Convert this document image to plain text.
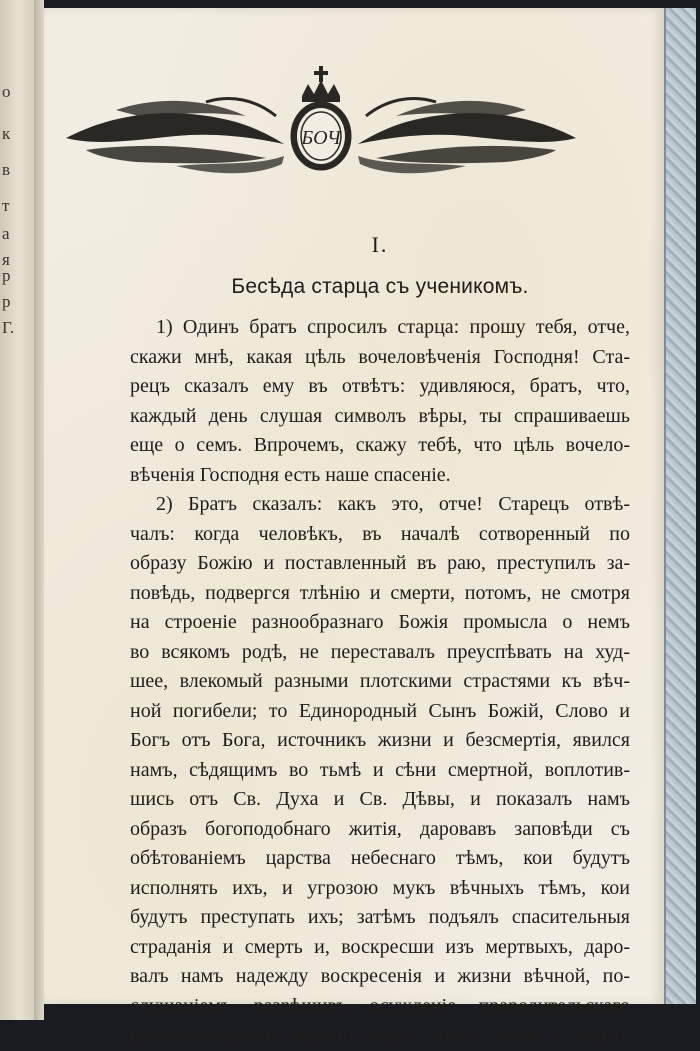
о
к
в
т
а
я
р
р
Г.
БОЧ
I.
Бесѣда старца съ ученикомъ.
1) Одинъ братъ спросилъ старца: прошу тебя, отче,
скажи мнѣ, какая цѣль вочеловѣченія Господня! Ста-
рецъ сказалъ ему въ отвѣтъ: удивляюся, братъ, что,
каждый день слушая символъ вѣры, ты спрашиваешь
еще о семъ. Впрочемъ, скажу тебѣ, что цѣль вочело-
вѣченія Господня есть наше спасеніе.
2) Братъ сказалъ: какъ это, отче! Старецъ отвѣ-
чалъ: когда человѣкъ, въ началѣ сотворенный по
образу Божію и поставленный въ раю, преступилъ за-
повѣдь, подвергся тлѣнію и смерти, потомъ, не смотря
на строеніе разнообразнаго Божія промысла о немъ
во всякомъ родѣ, не переставалъ преуспѣвать на худ-
шее, влекомый разными плотскими страстями къ вѣч-
ной погибели; то Единородный Сынъ Божій, Слово и
Богъ отъ Бога, источникъ жизни и безсмертія, явился
намъ, сѣдящимъ во тьмѣ и сѣни смертной, воплотив-
шись отъ Св. Духа и Св. Дѣвы, и показалъ намъ
образъ богоподобнаго житія, даровавъ заповѣди съ
обѣтованіемъ царства небеснаго тѣмъ, кои будутъ
исполнять ихъ, и угрозою мукъ вѣчныхъ тѣмъ, кои
будутъ преступать ихъ; затѣмъ подъялъ спасительныя
страданія и смерть и, воскресши изъ мертвыхъ, даро-
валъ намъ надежду воскресенія и жизни вѣчной, по-
слушаніемъ разрѣшивъ осужденіе прародительскаго
грѣха и поправъ смертію смерть, чтобы, какъ въ Адамѣ
